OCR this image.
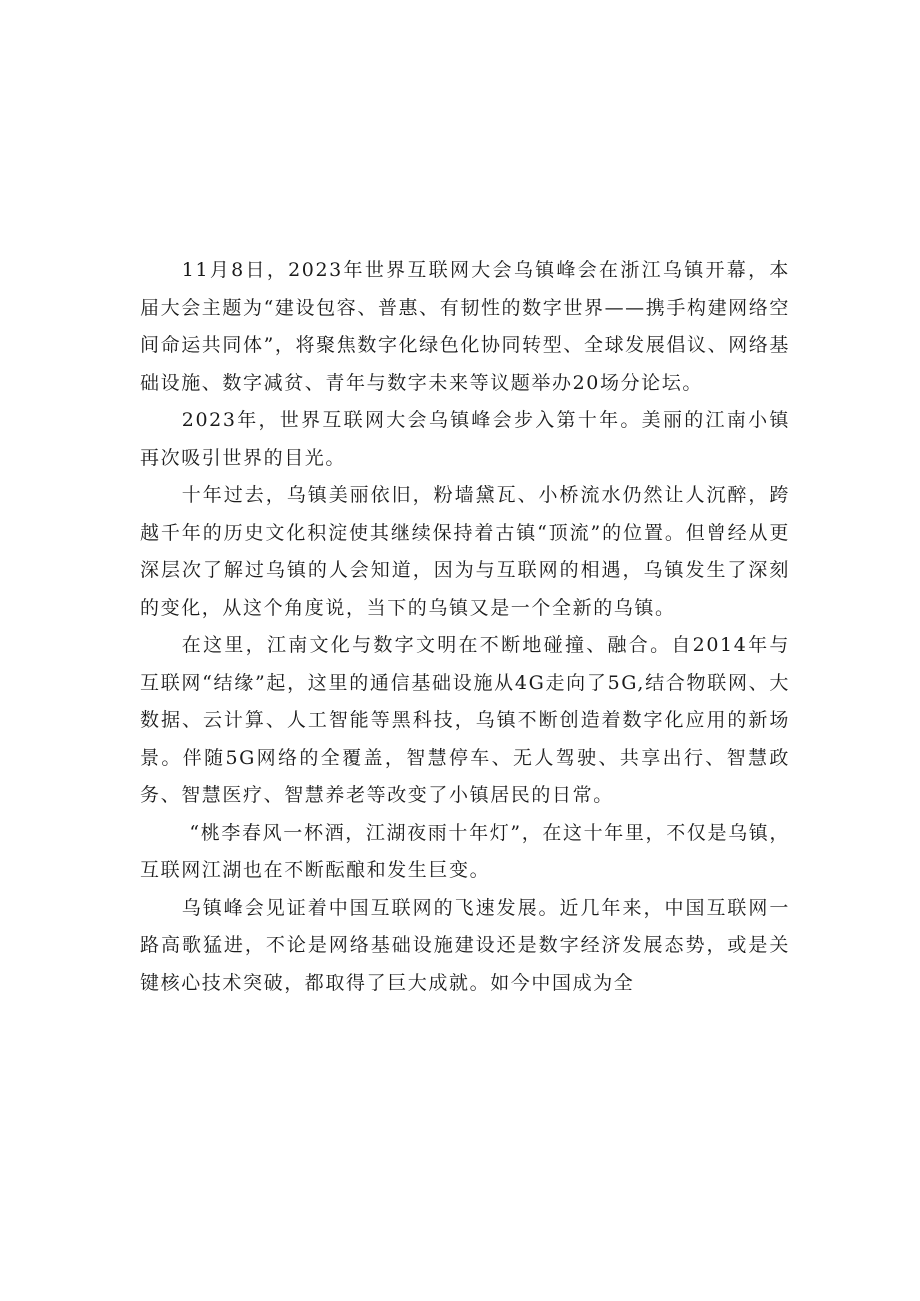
11月8日，2023年世界互联网大会乌镇峰会在浙江乌镇开幕，本届大会主题为“建设包容、普惠、有韧性的数字世界——携手构建网络空间命运共同体”，将聚焦数字化绿色化协同转型、全球发展倡议、网络基础设施、数字减贫、青年与数字未来等议题举办20场分论坛。

2023年，世界互联网大会乌镇峰会步入第十年。美丽的江南小镇再次吸引世界的目光。

十年过去，乌镇美丽依旧，粉墙黛瓦、小桥流水仍然让人沉醉，跨越千年的历史文化积淀使其继续保持着古镇“顶流”的位置。但曾经从更深层次了解过乌镇的人会知道，因为与互联网的相遇，乌镇发生了深刻的变化，从这个角度说，当下的乌镇又是一个全新的乌镇。

在这里，江南文化与数字文明在不断地碰撞、融合。自2014年与互联网“结缘”起，这里的通信基础设施从4G走向了5G,结合物联网、大数据、云计算、人工智能等黑科技，乌镇不断创造着数字化应用的新场景。伴随5G网络的全覆盖，智慧停车、无人驾驶、共享出行、智慧政务、智慧医疗、智慧养老等改变了小镇居民的日常。

“桃李春风一杯酒，江湖夜雨十年灯”，在这十年里，不仅是乌镇，互联网江湖也在不断酝酿和发生巨变。

乌镇峰会见证着中国互联网的飞速发展。近几年来，中国互联网一路高歌猛进，不论是网络基础设施建设还是数字经济发展态势，或是关键核心技术突破，都取得了巨大成就。如今中国成为全
